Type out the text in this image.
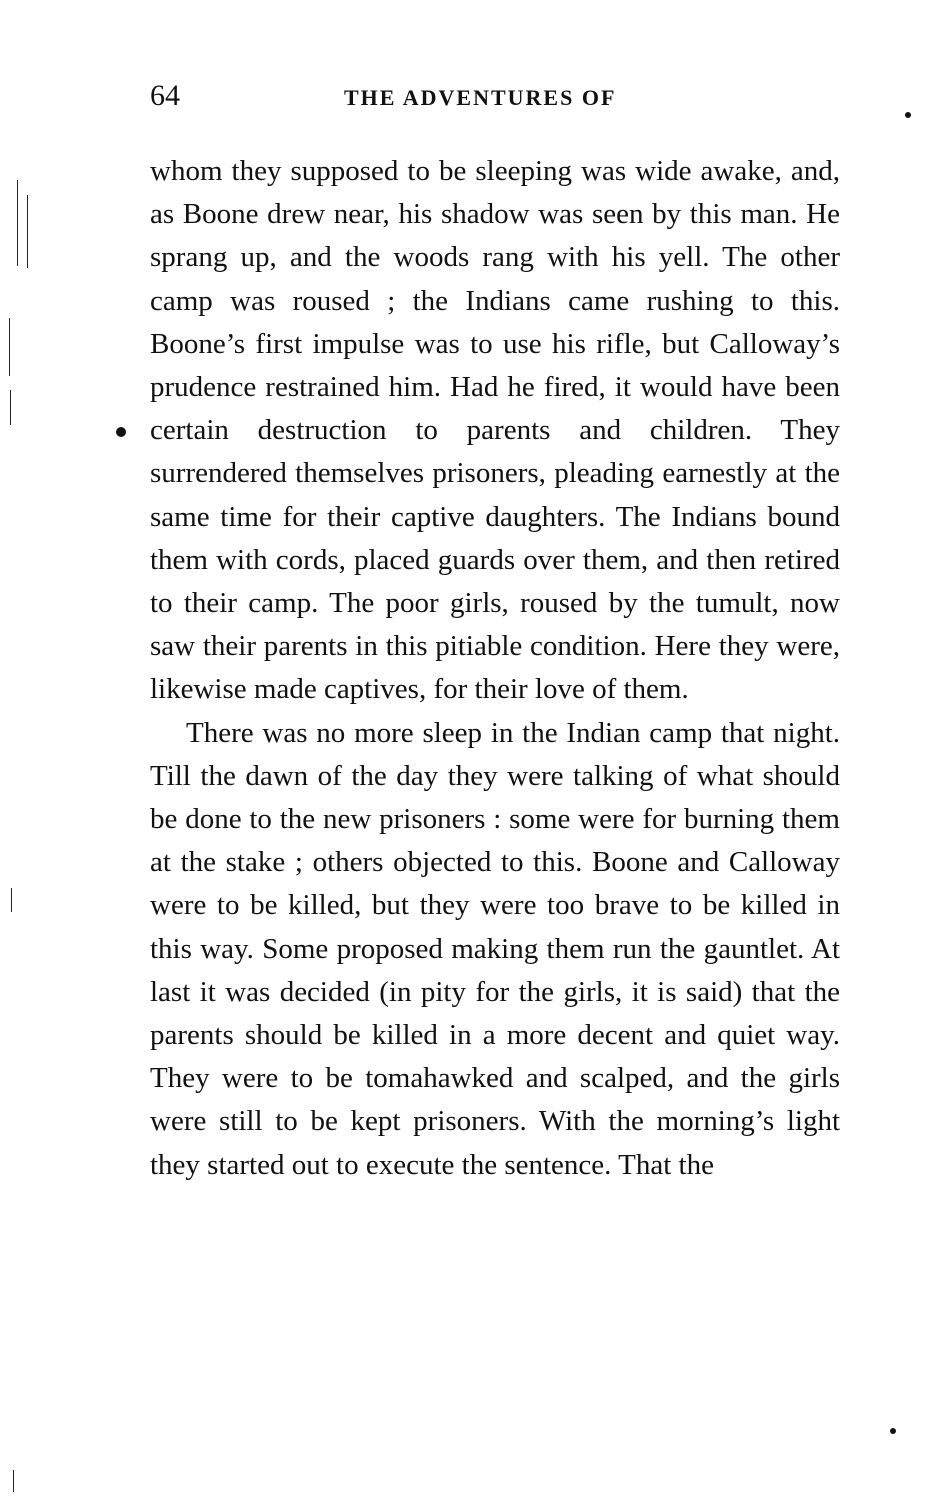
64	THE ADVENTURES OF

whom they supposed to be sleeping was wide awake, and, as Boone drew near, his shadow was seen by this man. He sprang up, and the woods rang with his yell. The other camp was roused ; the Indians came rushing to this. Boone’s first impulse was to use his rifle, but Calloway’s prudence restrained him. Had he fired, it would have been certain destruction to parents and children. They surrendered themselves prisoners, pleading earnestly at the same time for their captive daughters. The Indians bound them with cords, placed guards over them, and then retired to their camp. The poor girls, roused by the tumult, now saw their parents in this pitiable condition. Here they were, likewise made captives, for their love of them.

There was no more sleep in the Indian camp that night. Till the dawn of the day they were talking of what should be done to the new prisoners : some were for burning them at the stake ; others objected to this. Boone and Calloway were to be killed, but they were too brave to be killed in this way. Some proposed making them run the gauntlet. At last it was decided (in pity for the girls, it is said) that the parents should be killed in a more decent and quiet way. They were to be tomahawked and scalped, and the girls were still to be kept prisoners. With the morning’s light they started out to execute the sentence. That the
